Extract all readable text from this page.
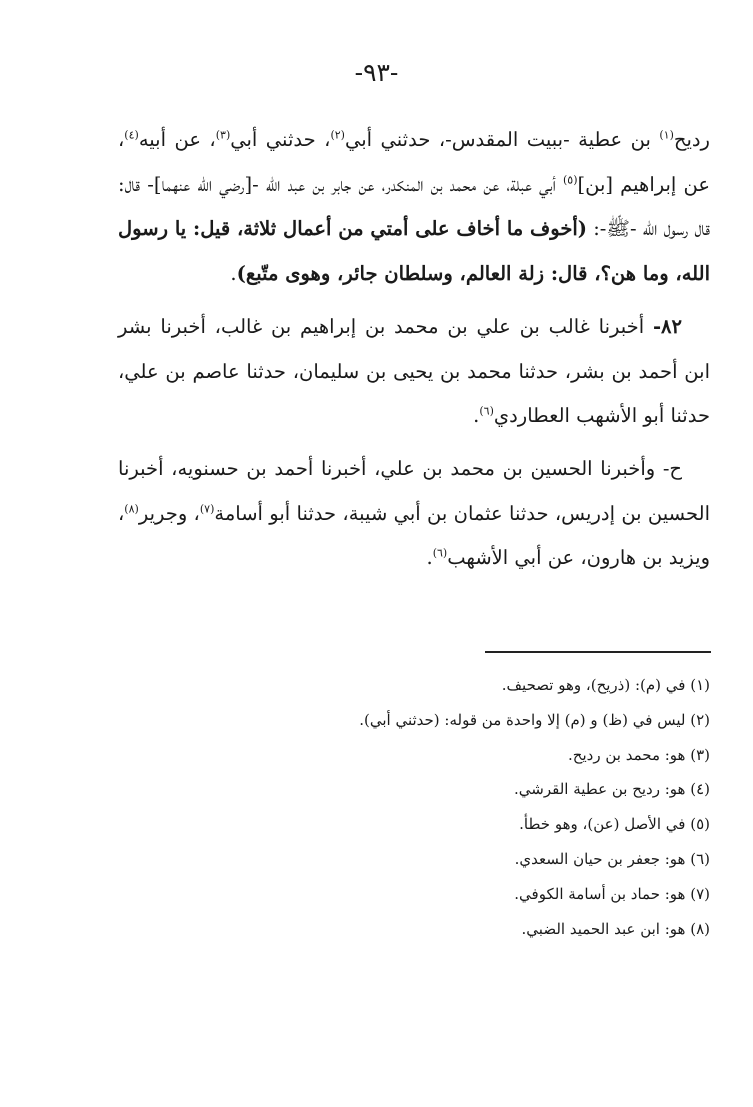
-٩٣-

رديح$^{(١)}$ بن عطية -ببيت المقدس-، حدثني أبي$^{(٢)}$، حدثني أبي$^{(٣)}$، عن أبيه$^{(٤)}$، عن إبراهيم [بن]$^{(٥)}$ أبي عبلة، عن محمد بن المنكدر، عن جابر بن عبد الله -[رضي الله عنهما]- قال: قال رسول الله -ﷺ-: (أخوف ما أخاف على أمتي من أعمال ثلاثة، قيل: يا رسول الله، وما هن؟، قال: زلة العالم، وسلطان جائر، وهوى متّبع).

٨٢- أخبرنا غالب بن علي بن محمد بن إبراهيم بن غالب، أخبرنا بشر ابن أحمد بن بشر، حدثنا محمد بن يحيى بن سليمان، حدثنا عاصم بن علي، حدثنا أبو الأشهب العطاردي$^{(٦)}$.

ح- وأخبرنا الحسين بن محمد بن علي، أخبرنا أحمد بن حسنويه، أخبرنا الحسين بن إدريس، حدثنا عثمان بن أبي شيبة، حدثنا أبو أسامة$^{(٧)}$، وجرير$^{(٨)}$، ويزيد بن هارون، عن أبي الأشهب$^{(٦)}$.

(١) في (م): (ذريح)، وهو تصحيف.
(٢) ليس في (ظ) و (م) إلا واحدة من قوله: (حدثني أبي).
(٣) هو: محمد بن رديح.
(٤) هو: رديح بن عطية القرشي.
(٥) في الأصل (عن)، وهو خطأ.
(٦) هو: جعفر بن حيان السعدي.
(٧) هو: حماد بن أسامة الكوفي.
(٨) هو: ابن عبد الحميد الضبي.
